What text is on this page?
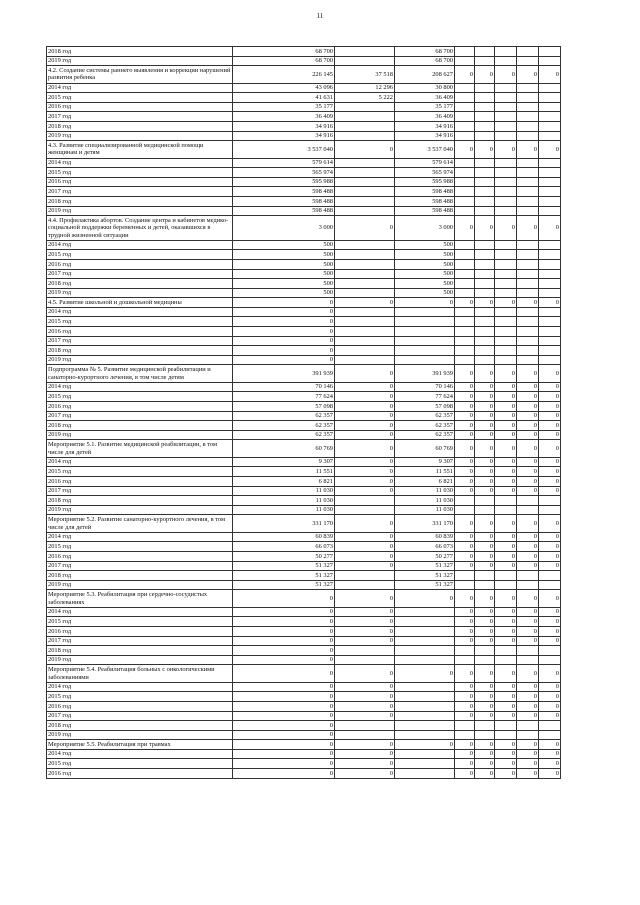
11
2018 год	68 700		68 700					
2019 год	68 700		68 700					
4.2. Создание системы раннего выявления и коррекции нарушений развития ребенка	226 145	37 518	208 627	0	0	0	0	0
2014 год	43 096	12 296	30 800					
2015 год	41 631	5 222	36 409					
2016 год	35 177		35 177					
2017 год	36 409		36 409					
2018 год	34 916		34 916					
2019 год	34 916		34 916					
4.3. Развитие специализированной медицинской помощи женщинам и детям	3 537 040	0	3 537 040	0	0	0	0	0
2014 год	579 614		579 614					
2015 год	565 974		565 974					
2016 год	595 988		595 988					
2017 год	598 488		598 488					
2018 год	598 488		598 488					
2019 год	598 488		598 488					
4.4. Профилактика абортов. Создание центра и кабинетов медико-социальной поддержки беременных и детей, оказавшихся в трудной жизненной ситуации	3 000	0	3 000	0	0	0	0	0
2014 год	500		500					
2015 год	500		500					
2016 год	500		500					
2017 год	500		500					
2018 год	500		500					
2019 год	500		500					
4.5. Развитие школьной и дошкольной медицины	0	0	0	0	0	0	0	0
2014 год	0							
2015 год	0							
2016 год	0							
2017 год	0							
2018 год	0							
2019 год	0							
Подпрограмма № 5. Развитие медицинской реабилитации и санаторно-курортного лечения, в том числе детям	391 939	0	391 939	0	0	0	0	0
2014 год	70 146	0	70 146	0	0	0	0	0
2015 год	77 624	0	77 624	0	0	0	0	0
2016 год	57 098	0	57 098	0	0	0	0	0
2017 год	62 357	0	62 357	0	0	0	0	0
2018 год	62 357	0	62 357	0	0	0	0	0
2019 год	62 357	0	62 357	0	0	0	0	0
Мероприятие 5.1. Развитие медицинской реабилитации, в том числе для детей	60 769	0	60 769	0	0	0	0	0
2014 год	9 307	0	9 307	0	0	0	0	0
2015 год	11 551	0	11 551	0	0	0	0	0
2016 год	6 821	0	6 821	0	0	0	0	0
2017 год	11 030	0	11 030	0	0	0	0	0
2018 год	11 030		11 030					
2019 год	11 030		11 030					
Мероприятие 5.2. Развитие санаторно-курортного лечения, в том числе для детей	331 170	0	331 170	0	0	0	0	0
2014 год	60 839	0	60 839	0	0	0	0	0
2015 год	66 073	0	66 073	0	0	0	0	0
2016 год	50 277	0	50 277	0	0	0	0	0
2017 год	51 327	0	51 327	0	0	0	0	0
2018 год	51 327		51 327					
2019 год	51 327		51 327					
Мероприятие 5.3. Реабилитация при сердечно-сосудистых заболеваниях	0	0	0	0	0	0	0	0
2014 год	0	0		0	0	0	0	0
2015 год	0	0		0	0	0	0	0
2016 год	0	0		0	0	0	0	0
2017 год	0	0		0	0	0	0	0
2018 год	0							
2019 год	0							
Мероприятие 5.4. Реабилитация больных с онкологическими заболеваниями	0	0	0	0	0	0	0	0
2014 год	0	0		0	0	0	0	0
2015 год	0	0		0	0	0	0	0
2016 год	0	0		0	0	0	0	0
2017 год	0	0		0	0	0	0	0
2018 год	0							
2019 год	0							
Мероприятие 5.5. Реабилитация при травмах	0	0	0	0	0	0	0	0
2014 год	0	0		0	0	0	0	0
2015 год	0	0		0	0	0	0	0
2016 год	0	0		0	0	0	0	0
